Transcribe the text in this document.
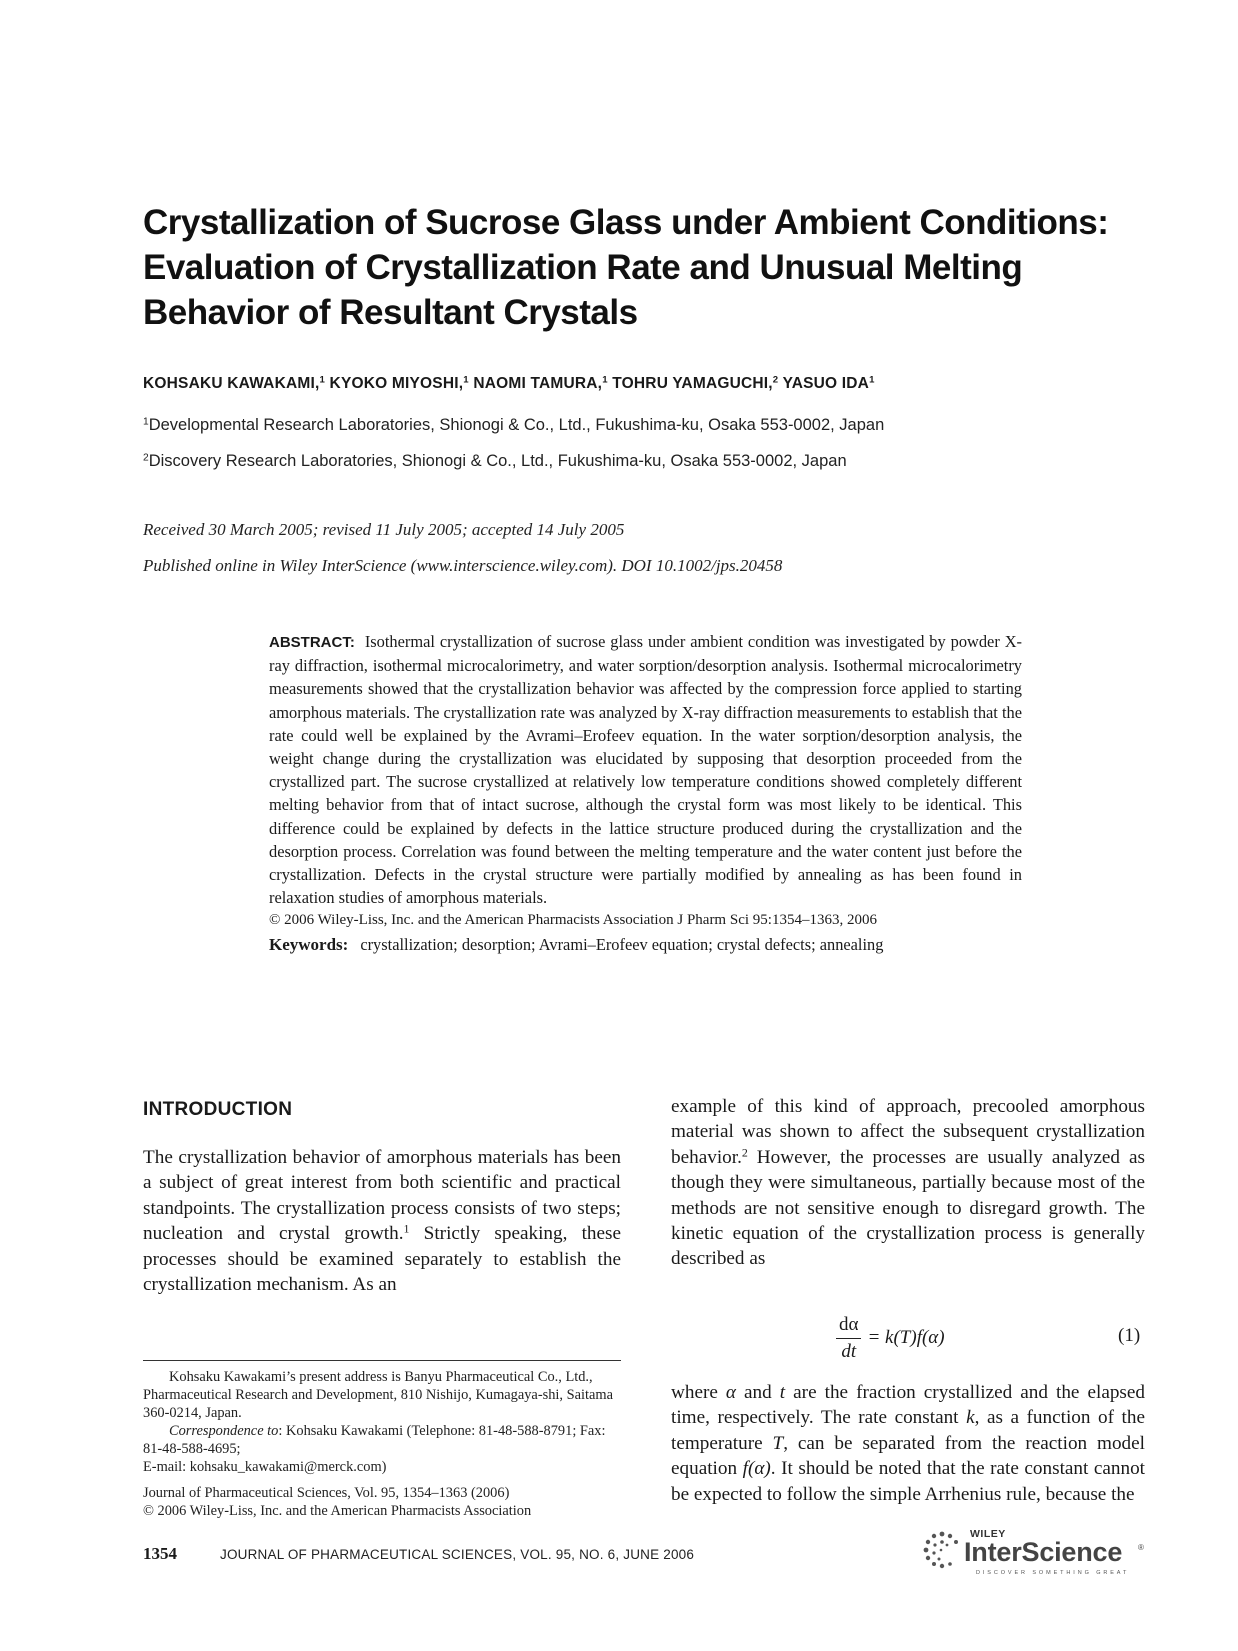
Crystallization of Sucrose Glass under Ambient Conditions:
Evaluation of Crystallization Rate and Unusual Melting
Behavior of Resultant Crystals
KOHSAKU KAWAKAMI,$^1$ KYOKO MIYOSHI,$^1$ NAOMI TAMURA,$^1$ TOHRU YAMAGUCHI,$^2$ YASUO IDA$^1$
$^1$Developmental Research Laboratories, Shionogi & Co., Ltd., Fukushima-ku, Osaka 553-0002, Japan
$^2$Discovery Research Laboratories, Shionogi & Co., Ltd., Fukushima-ku, Osaka 553-0002, Japan
Received 30 March 2005; revised 11 July 2005; accepted 14 July 2005
Published online in Wiley InterScience (www.interscience.wiley.com). DOI 10.1002/jps.20458
ABSTRACT: Isothermal crystallization of sucrose glass under ambient condition was investigated by powder X-ray diffraction, isothermal microcalorimetry, and water sorption/desorption analysis. Isothermal microcalorimetry measurements showed that the crystallization behavior was affected by the compression force applied to starting amorphous materials. The crystallization rate was analyzed by X-ray diffraction measurements to establish that the rate could well be explained by the Avrami–Erofeev equation. In the water sorption/desorption analysis, the weight change during the crystallization was elucidated by supposing that desorption proceeded from the crystallized part. The sucrose crystallized at relatively low temperature conditions showed completely different melting behavior from that of intact sucrose, although the crystal form was most likely to be identical. This difference could be explained by defects in the lattice structure produced during the crystallization and the desorption process. Correlation was found between the melting temperature and the water content just before the crystallization. Defects in the crystal structure were partially modified by annealing as has been found in relaxation studies of amorphous materials.
© 2006 Wiley-Liss, Inc. and the American Pharmacists Association J Pharm Sci 95:1354–1363, 2006
Keywords: crystallization; desorption; Avrami–Erofeev equation; crystal defects; annealing
INTRODUCTION

The crystallization behavior of amorphous materials has been a subject of great interest from both scientific and practical standpoints. The crystallization process consists of two steps; nucleation and crystal growth.$^1$ Strictly speaking, these processes should be examined separately to establish the crystallization mechanism. As an

example of this kind of approach, precooled amorphous material was shown to affect the subsequent crystallization behavior.$^2$ However, the processes are usually analyzed as though they were simultaneous, partially because most of the methods are not sensitive enough to disregard growth. The kinetic equation of the crystallization process is generally described as

$\frac{d\alpha}{dt} = k(T)f(\alpha)$	(1)

where α and t are the fraction crystallized and the elapsed time, respectively. The rate constant k, as a function of the temperature T, can be separated from the reaction model equation f(α). It should be noted that the rate constant cannot be expected to follow the simple Arrhenius rule, because the

Kohsaku Kawakami’s present address is Banyu Pharmaceutical Co., Ltd., Pharmaceutical Research and Development, 810 Nishijo, Kumagaya-shi, Saitama 360-0214, Japan.

Correspondence to: Kohsaku Kawakami (Telephone: 81-48-588-8791; Fax: 81-48-588-4695;

E-mail: kohsaku_kawakami@merck.com)

Journal of Pharmaceutical Sciences, Vol. 95, 1354–1363 (2006)

© 2006 Wiley-Liss, Inc. and the American Pharmacists Association

1354	JOURNAL OF PHARMACEUTICAL SCIENCES, VOL. 95, NO. 6, JUNE 2006
WILEY
InterScience ®
DISCOVER SOMETHING GREAT
